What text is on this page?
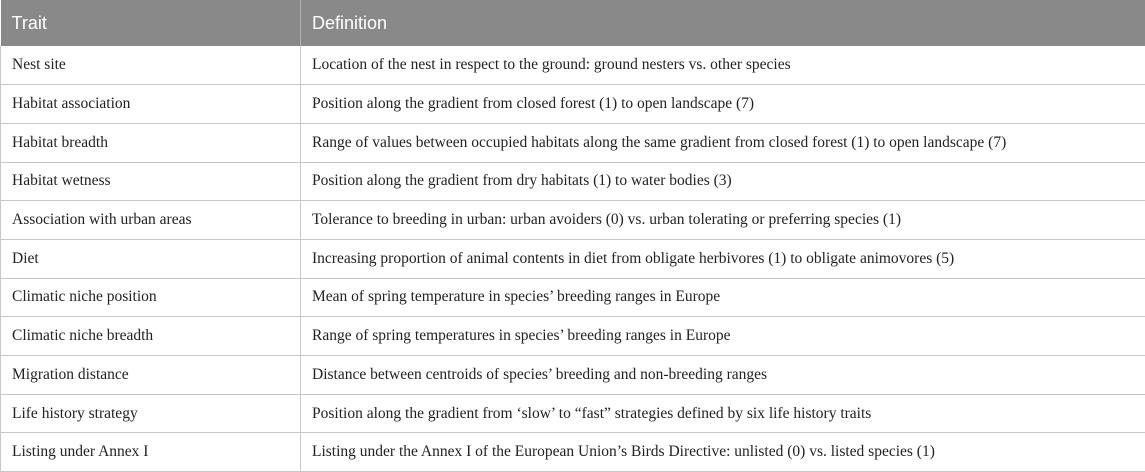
Trait	Definition
Nest site	Location of the nest in respect to the ground: ground nesters vs. other species
Habitat association	Position along the gradient from closed forest (1) to open landscape (7)
Habitat breadth	Range of values between occupied habitats along the same gradient from closed forest (1) to open landscape (7)
Habitat wetness	Position along the gradient from dry habitats (1) to water bodies (3)
Association with urban areas	Tolerance to breeding in urban: urban avoiders (0) vs. urban tolerating or preferring species (1)
Diet	Increasing proportion of animal contents in diet from obligate herbivores (1) to obligate animovores (5)
Climatic niche position	Mean of spring temperature in species’ breeding ranges in Europe
Climatic niche breadth	Range of spring temperatures in species’ breeding ranges in Europe
Migration distance	Distance between centroids of species’ breeding and non-breeding ranges
Life history strategy	Position along the gradient from ‘slow’ to “fast” strategies defined by six life history traits
Listing under Annex I	Listing under the Annex I of the European Union’s Birds Directive: unlisted (0) vs. listed species (1)
